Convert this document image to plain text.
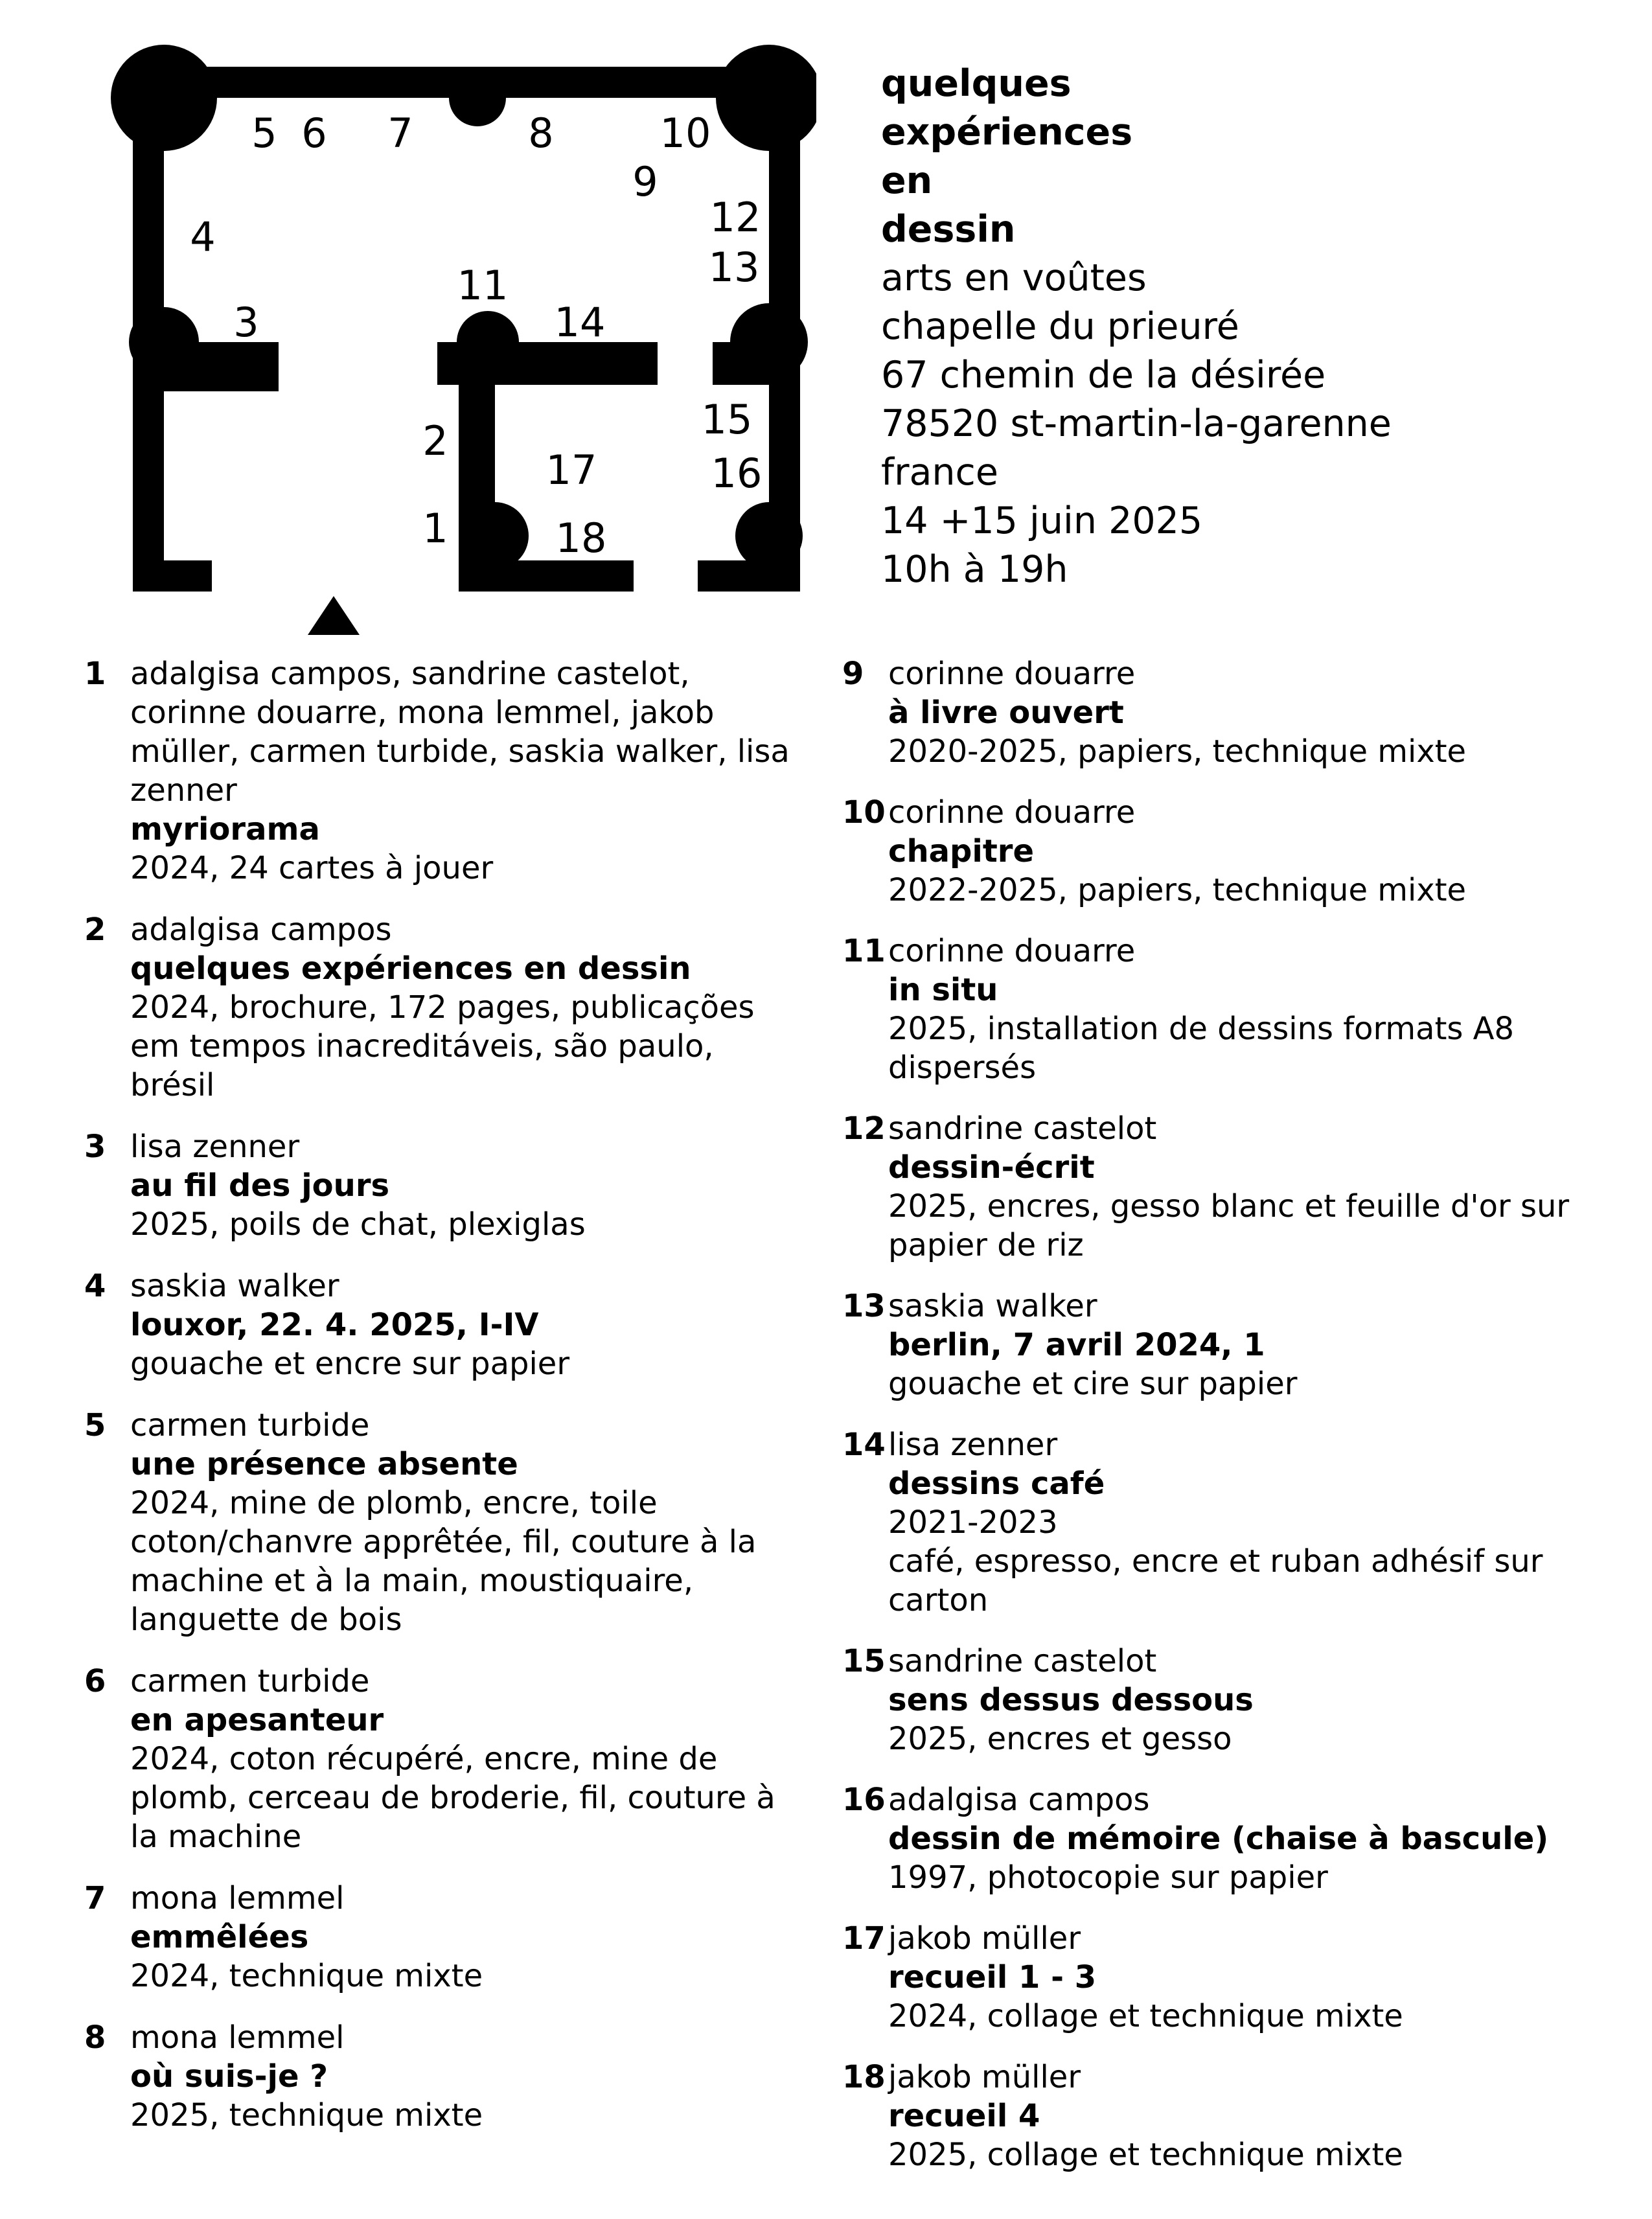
1
2
3
4
5 6 7	8
9
10
11
12
13
14
15
16
17
18
quelques
expériences
en
dessin
arts en voûtes
chapelle du prieuré
67 chemin de la désirée
78520 st-martin-la-garenne
france
14 +15 juin 2025
10h à 19h
1 adalgisa campos, sandrine castelot, corinne douarre, mona lemmel, jakob müller, carmen turbide, saskia walker, lisa zenner
myriorama
2024, 24 cartes à jouer
2 adalgisa campos
quelques expériences en dessin
2024, brochure, 172 pages, publicações em tempos inacreditáveis, são paulo, brésil
3 lisa zenner
au fil des jours
2025, poils de chat, plexiglas
4 saskia walker
louxor, 22. 4. 2025, I-IV
gouache et encre sur papier
5 carmen turbide
une présence absente
2024, mine de plomb, encre, toile coton/chanvre apprêtée, fil, couture à la machine et à la main, moustiquaire, languette de bois
6 carmen turbide
en apesanteur
2024, coton récupéré, encre, mine de plomb, cerceau de broderie, fil, couture à la machine
7 mona lemmel
emmêlées
2024, technique mixte
8 mona lemmel
où suis-je ?
2025, technique mixte
9 corinne douarre
à livre ouvert
2020-2025, papiers, technique mixte
10 corinne douarre
chapitre
2022-2025, papiers, technique mixte
11 corinne douarre
in situ
2025, installation de dessins formats A8 dispersés
12 sandrine castelot
dessin-écrit
2025, encres, gesso blanc et feuille d'or sur papier de riz
13 saskia walker
berlin, 7 avril 2024, 1
gouache et cire sur papier
14 lisa zenner
dessins café
2021-2023
café, espresso, encre et ruban adhésif sur carton
15 sandrine castelot
sens dessus dessous
2025, encres et gesso
16 adalgisa campos
dessin de mémoire (chaise à bascule)
1997, photocopie sur papier
17 jakob müller
recueil 1 - 3
2024, collage et technique mixte
18 jakob müller
recueil 4
2025, collage et technique mixte
